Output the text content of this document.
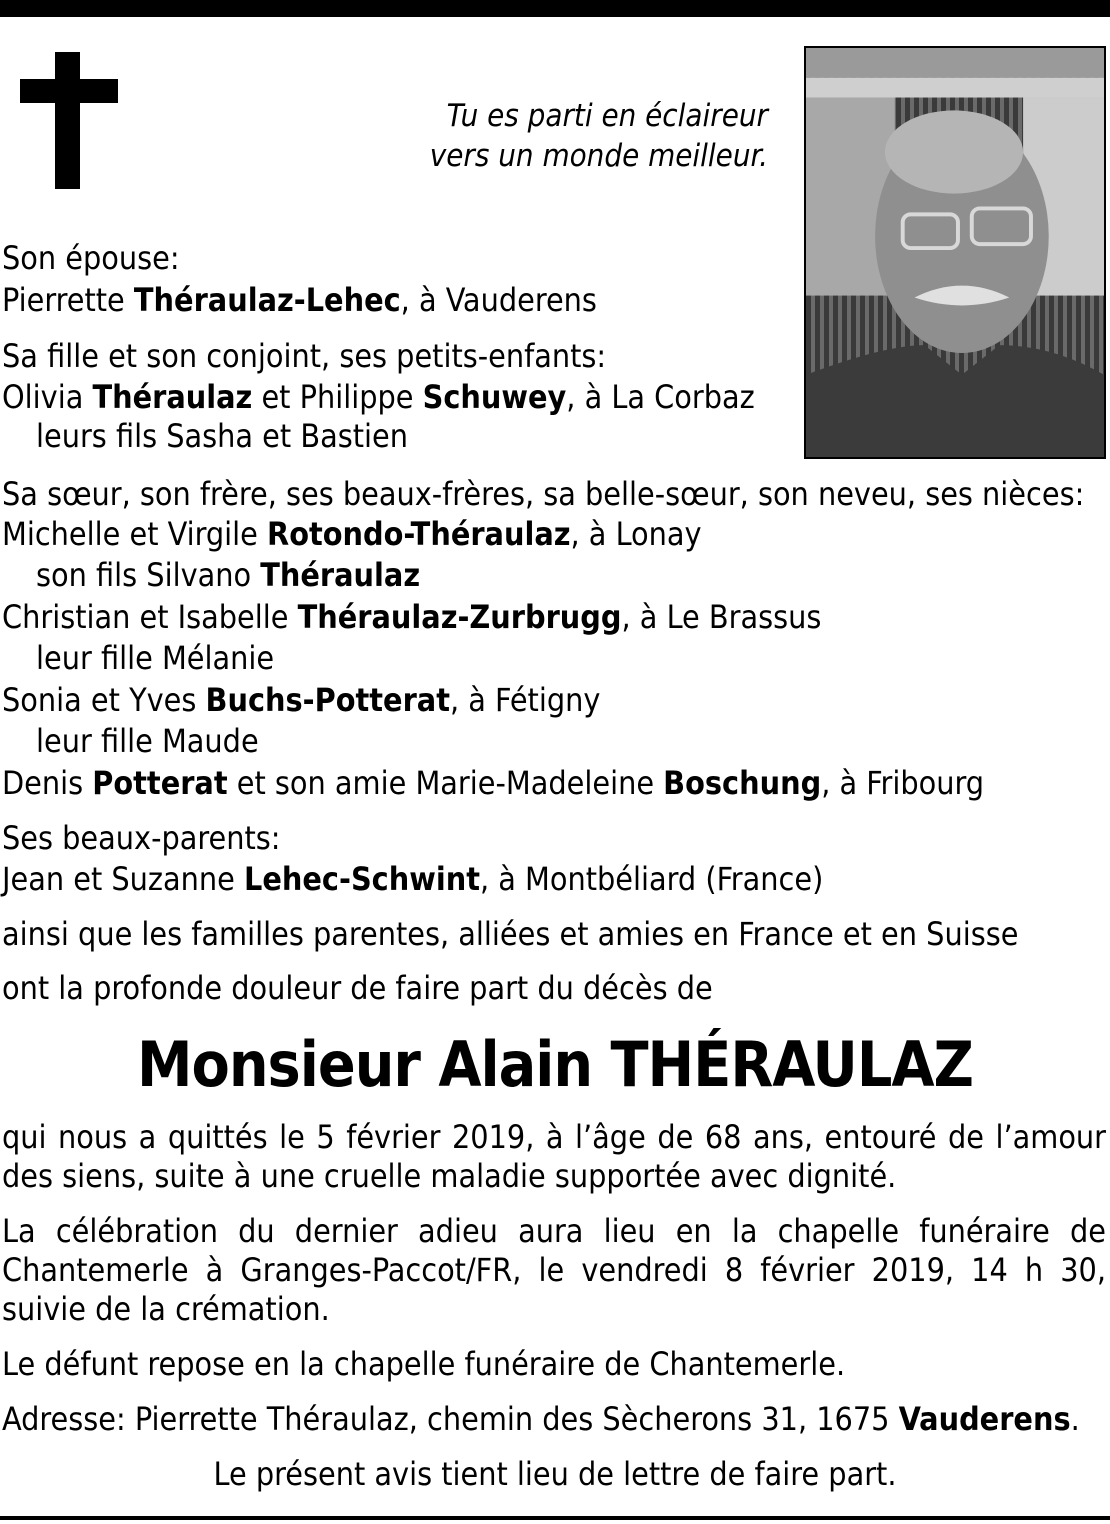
Tu es parti en éclaireur
vers un monde meilleur.
Son épouse:
Pierrette Théraulaz-Lehec, à Vauderens
Sa fille et son conjoint, ses petits-enfants:
Olivia Théraulaz et Philippe Schuwey, à La Corbaz
leurs fils Sasha et Bastien
Sa sœur, son frère, ses beaux-frères, sa belle-sœur, son neveu, ses nièces:
Michelle et Virgile Rotondo-Théraulaz, à Lonay
son fils Silvano Théraulaz
Christian et Isabelle Théraulaz-Zurbrugg, à Le Brassus
leur fille Mélanie
Sonia et Yves Buchs-Potterat, à Fétigny
leur fille Maude
Denis Potterat et son amie Marie-Madeleine Boschung, à Fribourg
Ses beaux-parents:
Jean et Suzanne Lehec-Schwint, à Montbéliard (France)
ainsi que les familles parentes, alliées et amies en France et en Suisse
ont la profonde douleur de faire part du décès de
Monsieur Alain THÉRAULAZ
qui nous a quittés le 5 février 2019, à l’âge de 68 ans, entouré de l’amour des siens, suite à une cruelle maladie supportée avec dignité.
La célébration du dernier adieu aura lieu en la chapelle funéraire de Chantemerle à Granges-Paccot/FR, le vendredi 8 février 2019, 14 h 30, suivie de la crémation.
Le défunt repose en la chapelle funéraire de Chantemerle.
Adresse: Pierrette Théraulaz, chemin des Sècherons 31, 1675 Vauderens.
Le présent avis tient lieu de lettre de faire part.
